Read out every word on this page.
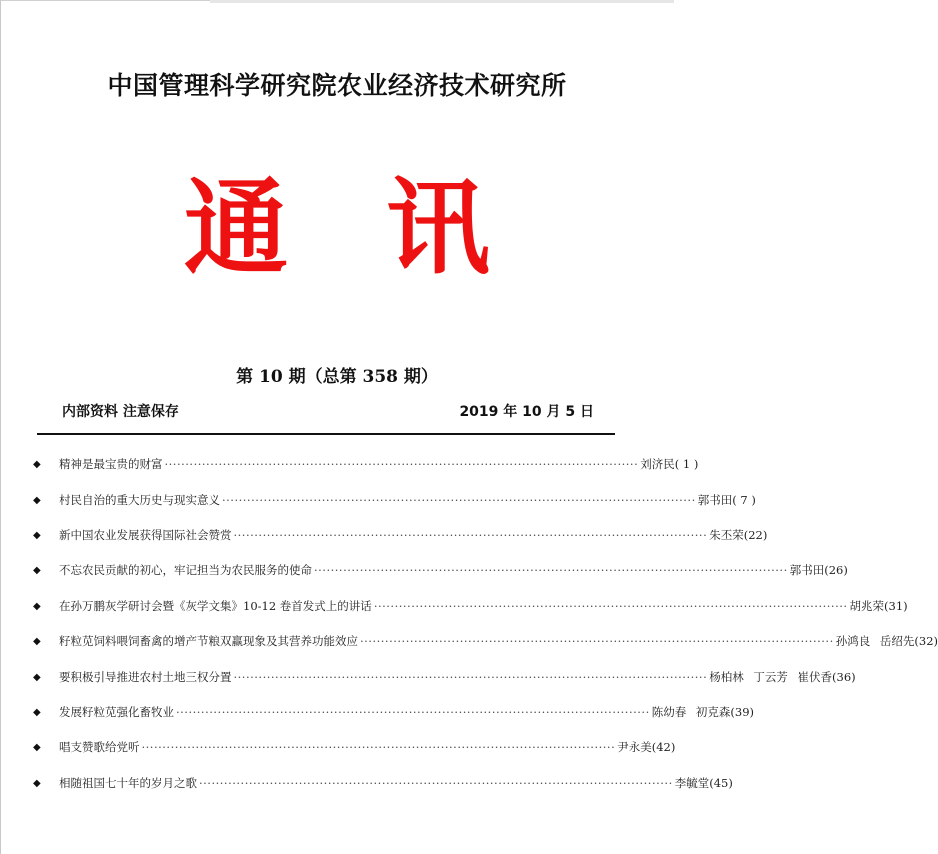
中国管理科学研究院农业经济技术研究所
通 讯
第 10 期（总第 358 期）
内部资料 注意保存	2019 年 10 月 5 日
◆	精神是最宝贵的财富 ·················································································································· 刘济民 ( 1 )
◆	村民自治的重大历史与现实意义 ·················································································································· 郭书田 ( 7 )
◆	新中国农业发展获得国际社会赞赏 ·················································································································· 朱丕荣 (22)
◆	不忘农民贡献的初心，牢记担当为农民服务的使命 ·················································································································· 郭书田 (26)
◆	在孙万鹏灰学研讨会暨《灰学文集》10-12 卷首发式上的讲话 ·················································································································· 胡兆荣 (31)
◆	籽粒苋饲料喂饲畜禽的增产节粮双赢现象及其营养功能效应 ·················································································································· 孙鸿良 岳绍先 (32)
◆	要积极引导推进农村土地三权分置 ·················································································································· 杨柏林 丁云芳 崔伏香 (36)
◆	发展籽粒苋强化畜牧业 ·················································································································· 陈幼春 初克森 (39)
◆	唱支赞歌给党听 ·················································································································· 尹永美 (42)
◆	相随祖国七十年的岁月之歌 ·················································································································· 李毓堂 (45)
